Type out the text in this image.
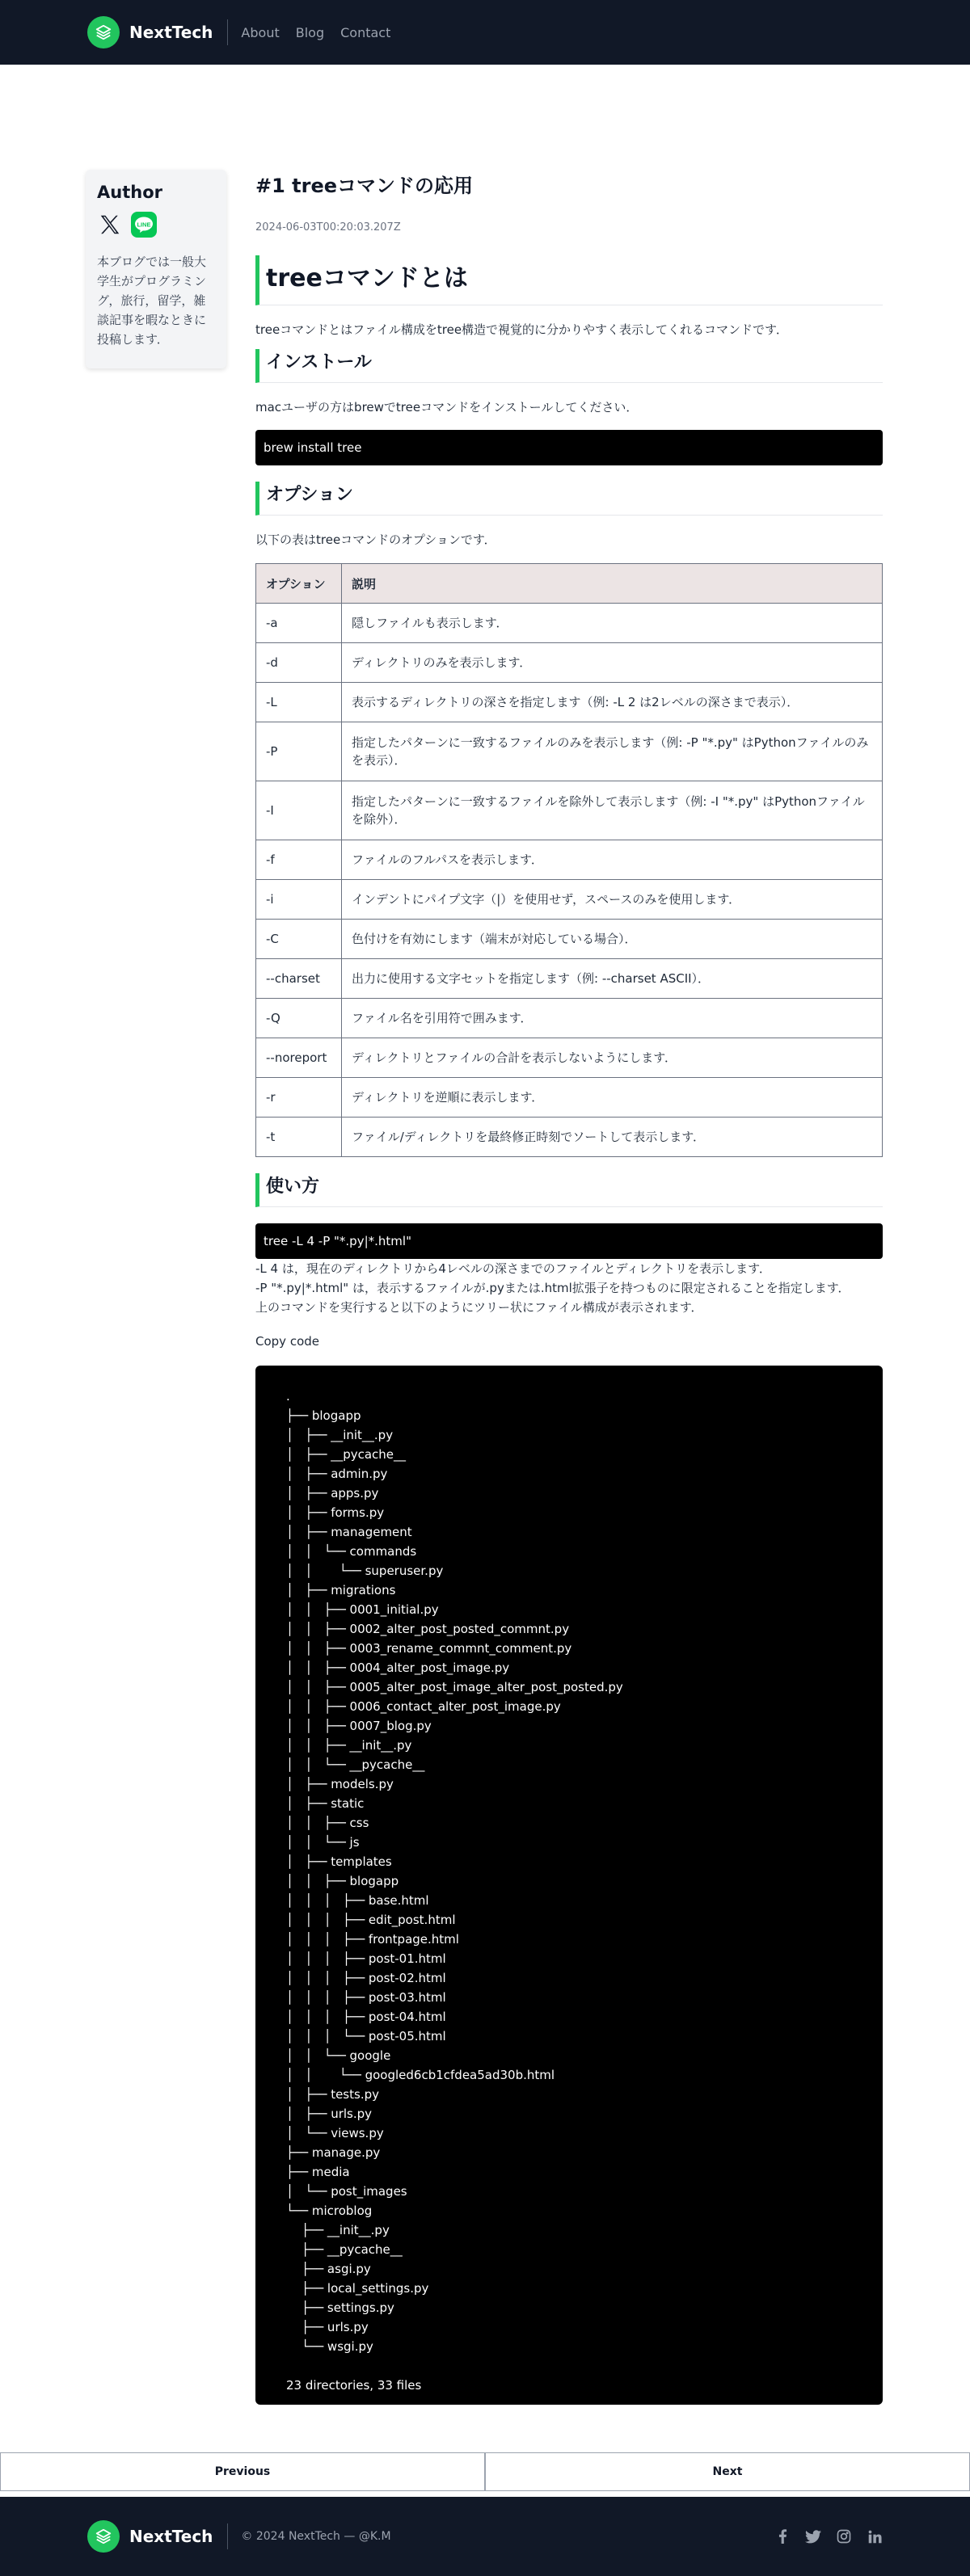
NextTech About Blog Contact
Author
LINE

本ブログでは一般大学生がプログラミング，旅行，留学，雑談記事を暇なときに投稿します．

#1 treeコマンドの応用
2024-06-03T00:20:03.207Z
treeコマンドとは

treeコマンドとはファイル構成をtree構造で視覚的に分かりやすく表示してくれるコマンドです．

インストール

macユーザの方はbrewでtreeコマンドをインストールしてください．

brew install tree
オプション

以下の表はtreeコマンドのオプションです．

オプション	説明
-a	隠しファイルも表示します．
-d	ディレクトリのみを表示します．
-L	表示するディレクトリの深さを指定します（例: -L 2 は2レベルの深さまで表示）．
-P	指定したパターンに一致するファイルのみを表示します（例: -P "*.py" はPythonファイルのみを表示）．
-I	指定したパターンに一致するファイルを除外して表示します（例: -I "*.py" はPythonファイルを除外）．
-f	ファイルのフルパスを表示します．
-i	インデントにパイプ文字（|）を使用せず，スペースのみを使用します．
-C	色付けを有効にします（端末が対応している場合）．
--charset	出力に使用する文字セットを指定します（例: --charset ASCII）．
-Q	ファイル名を引用符で囲みます．
--noreport	ディレクトリとファイルの合計を表示しないようにします．
-r	ディレクトリを逆順に表示します．
-t	ファイル/ディレクトリを最終修正時刻でソートして表示します．
使い方
tree -L 4 -P "*.py|*.html"

-L 4 は，現在のディレクトリから4レベルの深さまでのファイルとディレクトリを表示します．

-P "*.py|*.html" は，表示するファイルが.pyまたは.html拡張子を持つものに限定されることを指定します．

上のコマンドを実行すると以下のようにツリー状にファイル構成が表示されます．

Copy code

.
├── blogapp
│   ├── __init__.py
│   ├── __pycache__
│   ├── admin.py
│   ├── apps.py
│   ├── forms.py
│   ├── management
│   │   └── commands
│   │       └── superuser.py
│   ├── migrations
│   │   ├── 0001_initial.py
│   │   ├── 0002_alter_post_posted_commnt.py
│   │   ├── 0003_rename_commnt_comment.py
│   │   ├── 0004_alter_post_image.py
│   │   ├── 0005_alter_post_image_alter_post_posted.py
│   │   ├── 0006_contact_alter_post_image.py
│   │   ├── 0007_blog.py
│   │   ├── __init__.py
│   │   └── __pycache__
│   ├── models.py
│   ├── static
│   │   ├── css
│   │   └── js
│   ├── templates
│   │   ├── blogapp
│   │   │   ├── base.html
│   │   │   ├── edit_post.html
│   │   │   ├── frontpage.html
│   │   │   ├── post-01.html
│   │   │   ├── post-02.html
│   │   │   ├── post-03.html
│   │   │   ├── post-04.html
│   │   │   └── post-05.html
│   │   └── google
│   │       └── googled6cb1cfdea5ad30b.html
│   ├── tests.py
│   ├── urls.py
│   └── views.py
├── manage.py
├── media
│   └── post_images
└── microblog
├── __init__.py
├── __pycache__
├── asgi.py
├── local_settings.py
├── settings.py
├── urls.py
└── wsgi.py
23 directories, 33 files
Previous	Next
NextTech	© 2024 NextTech — @K.M
